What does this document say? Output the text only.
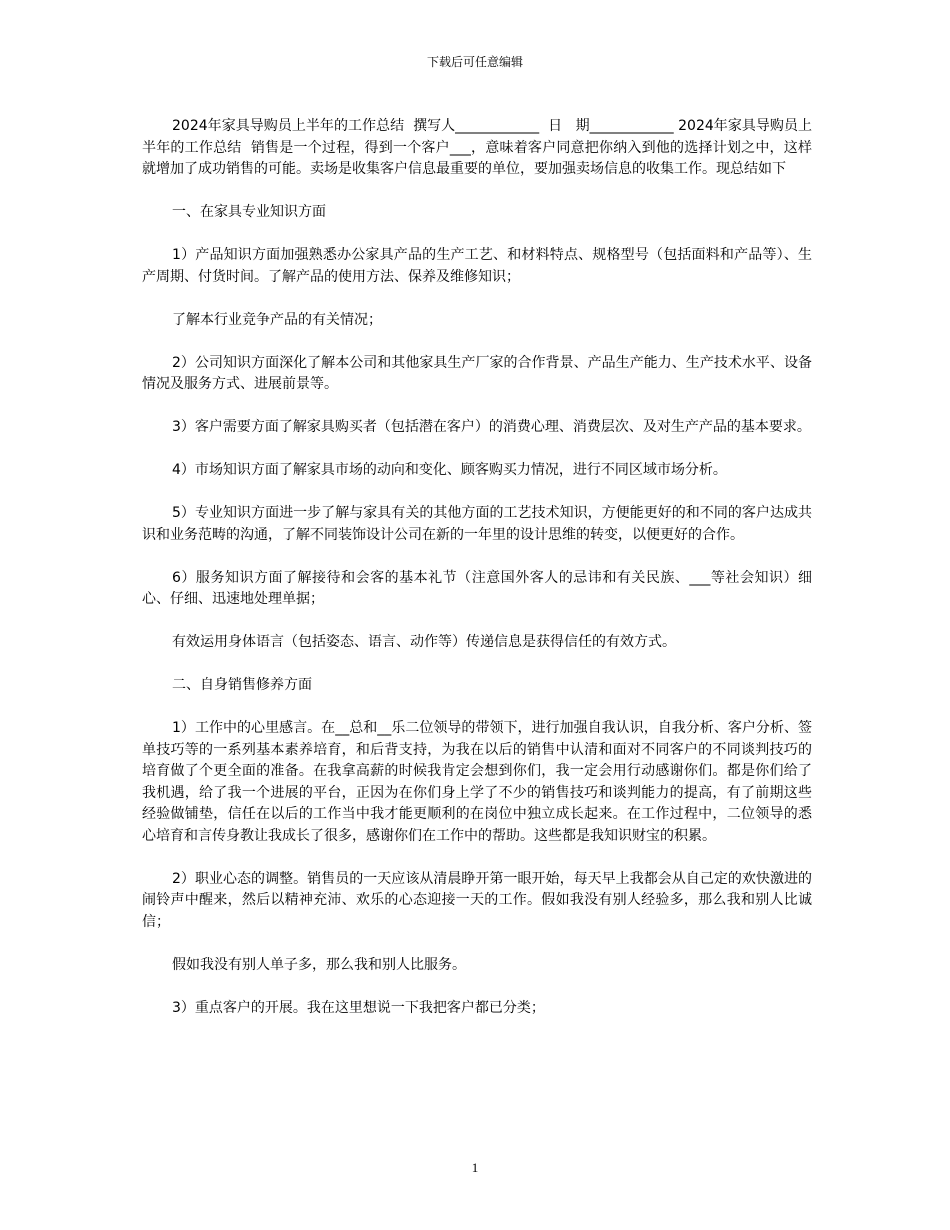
下载后可任意编辑

2024年家具导购员上半年的工作总结  撰写人____________  日   期____________ 2024年家具导购员上半年的工作总结  销售是一个过程，得到一个客户___，意味着客户同意把你纳入到他的选择计划之中，这样就增加了成功销售的可能。卖场是收集客户信息最重要的单位，要加强卖场信息的收集工作。现总结如下

一、在家具专业知识方面

1）产品知识方面加强熟悉办公家具产品的生产工艺、和材料特点、规格型号（包括面料和产品等）、生产周期、付货时间。了解产品的使用方法、保养及维修知识；

了解本行业竞争产品的有关情况；

2）公司知识方面深化了解本公司和其他家具生产厂家的合作背景、产品生产能力、生产技术水平、设备情况及服务方式、进展前景等。

3）客户需要方面了解家具购买者（包括潜在客户）的消费心理、消费层次、及对生产产品的基本要求。

4）市场知识方面了解家具市场的动向和变化、顾客购买力情况，进行不同区域市场分析。

5）专业知识方面进一步了解与家具有关的其他方面的工艺技术知识，方便能更好的和不同的客户达成共识和业务范畴的沟通，了解不同装饰设计公司在新的一年里的设计思维的转变，以便更好的合作。

6）服务知识方面了解接待和会客的基本礼节（注意国外客人的忌讳和有关民族、___等社会知识）细心、仔细、迅速地处理单据；

有效运用身体语言（包括姿态、语言、动作等）传递信息是获得信任的有效方式。

二、自身销售修养方面

1）工作中的心里感言。在__总和__乐二位领导的带领下，进行加强自我认识，自我分析、客户分析、签单技巧等的一系列基本素养培育，和后背支持，为我在以后的销售中认清和面对不同客户的不同谈判技巧的培育做了个更全面的准备。在我拿高薪的时候我肯定会想到你们，我一定会用行动感谢你们。都是你们给了我机遇，给了我一个进展的平台，正因为在你们身上学了不少的销售技巧和谈判能力的提高，有了前期这些经验做铺垫，信任在以后的工作当中我才能更顺利的在岗位中独立成长起来。在工作过程中，二位领导的悉心培育和言传身教让我成长了很多，感谢你们在工作中的帮助。这些都是我知识财宝的积累。

2）职业心态的调整。销售员的一天应该从清晨睁开第一眼开始，每天早上我都会从自己定的欢快激进的闹铃声中醒来，然后以精神充沛、欢乐的心态迎接一天的工作。假如我没有别人经验多，那么我和别人比诚信；

假如我没有别人单子多，那么我和别人比服务。

3）重点客户的开展。我在这里想说一下我把客户都已分类；

1
